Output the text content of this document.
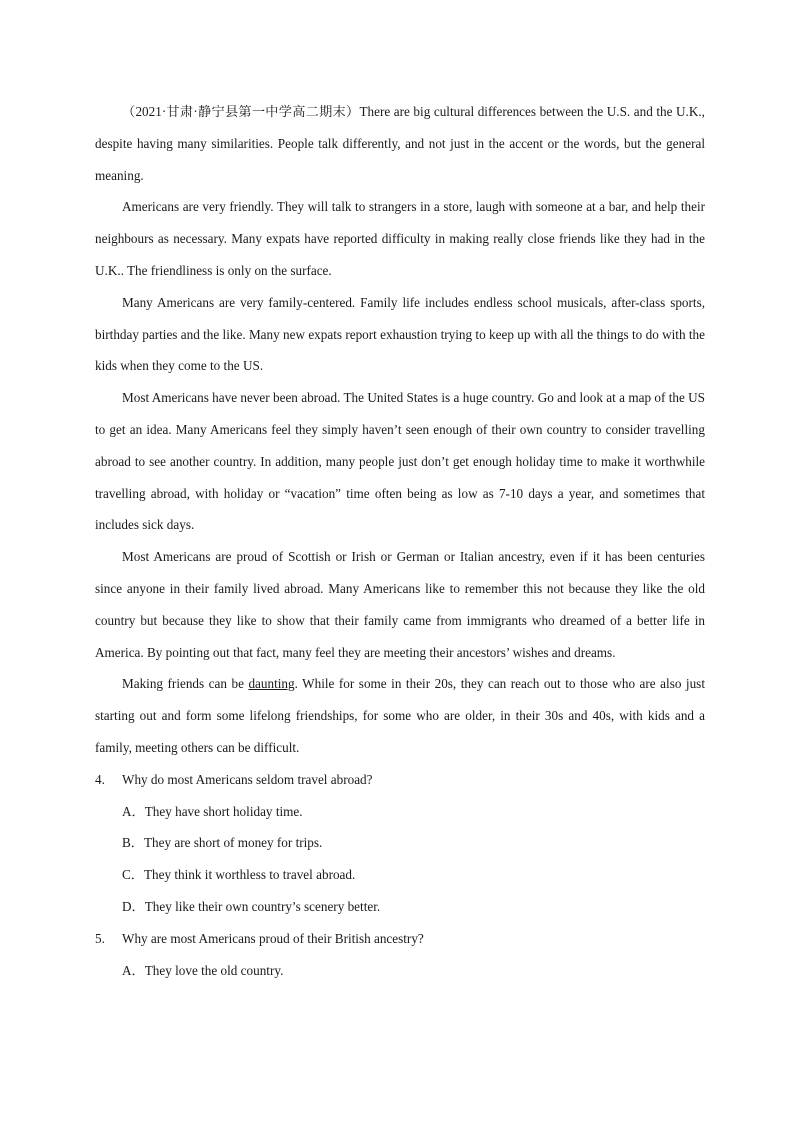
（2021·甘肃·静宁县第一中学高二期末）There are big cultural differences between the U.S. and the U.K., despite having many similarities. People talk differently, and not just in the accent or the words, but the general meaning.

Americans are very friendly. They will talk to strangers in a store, laugh with someone at a bar, and help their neighbours as necessary. Many expats have reported difficulty in making really close friends like they had in the U.K.. The friendliness is only on the surface.

Many Americans are very family-centered. Family life includes endless school musicals, after-class sports, birthday parties and the like. Many new expats report exhaustion trying to keep up with all the things to do with the kids when they come to the US.

Most Americans have never been abroad. The United States is a huge country. Go and look at a map of the US to get an idea. Many Americans feel they simply haven’t seen enough of their own country to consider travelling abroad to see another country. In addition, many people just don’t get enough holiday time to make it worthwhile travelling abroad, with holiday or “vacation” time often being as low as 7-10 days a year, and sometimes that includes sick days.

Most Americans are proud of Scottish or Irish or German or Italian ancestry, even if it has been centuries since anyone in their family lived abroad. Many Americans like to remember this not because they like the old country but because they like to show that their family came from immigrants who dreamed of a better life in America. By pointing out that fact, many feel they are meeting their ancestors’ wishes and dreams.

Making friends can be daunting. While for some in their 20s, they can reach out to those who are also just starting out and form some lifelong friendships, for some who are older, in their 30s and 40s, with kids and a family, meeting others can be difficult.

4.	Why do most Americans seldom travel abroad?

A．They have short holiday time.

B．They are short of money for trips.

C．They think it worthless to travel abroad.

D．They like their own country’s scenery better.

5.	Why are most Americans proud of their British ancestry?

A．They love the old country.
